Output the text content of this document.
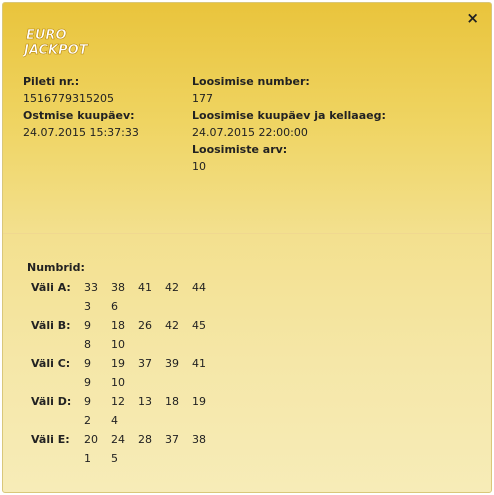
×
EURO
JACKPOT
Pileti nr.:
1516779315205
Ostmise kuupäev:
24.07.2015 15:37:33
Loosimise number:
177
Loosimise kuupäev ja kellaaeg:
24.07.2015 22:00:00
Loosimiste arv:
10
Numbrid:
Väli A: 33	38	41	42	44
3	6
Väli B: 9	18	26	42	45
8	10
Väli C: 9	19	37	39	41
9	10
Väli D: 9	12	13	18	19
2	4
Väli E: 20	24	28	37	38
1	5
